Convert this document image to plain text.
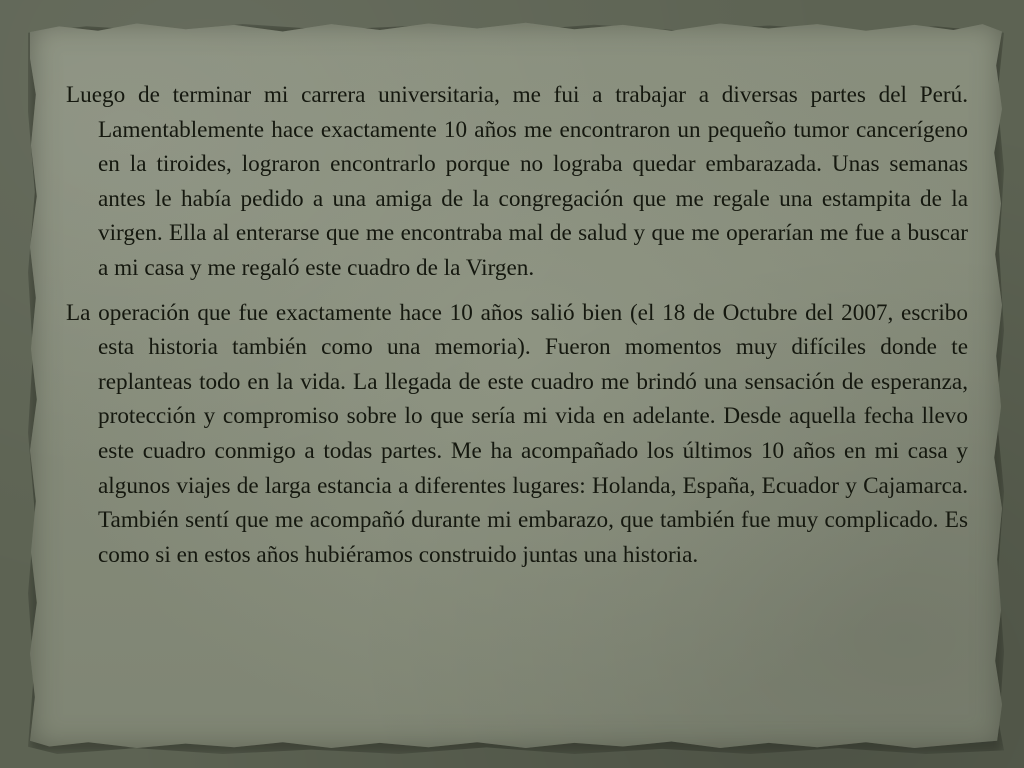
Luego de terminar mi carrera universitaria, me fui a trabajar a diversas partes del Perú. Lamentablemente hace exactamente 10 años me encontraron un pequeño tumor cancerígeno en la tiroides, lograron encontrarlo porque no lograba quedar embarazada. Unas semanas antes le había pedido a una amiga de la congregación que me regale una estampita de la virgen. Ella al enterarse que me encontraba mal de salud y que me operarían me fue a buscar a mi casa y me regaló este cuadro de la Virgen.

La operación que fue exactamente hace 10 años salió bien (el 18 de Octubre del 2007, escribo esta historia también como una memoria). Fueron momentos muy difíciles donde te replanteas todo en la vida. La llegada de este cuadro me brindó una sensación de esperanza, protección y compromiso sobre lo que sería mi vida en adelante. Desde aquella fecha llevo este cuadro conmigo a todas partes. Me ha acompañado los últimos 10 años en mi casa y algunos viajes de larga estancia a diferentes lugares: Holanda, España, Ecuador y Cajamarca. También sentí que me acompañó durante mi embarazo, que también fue muy complicado. Es como si en estos años hubiéramos construido juntas una historia.
